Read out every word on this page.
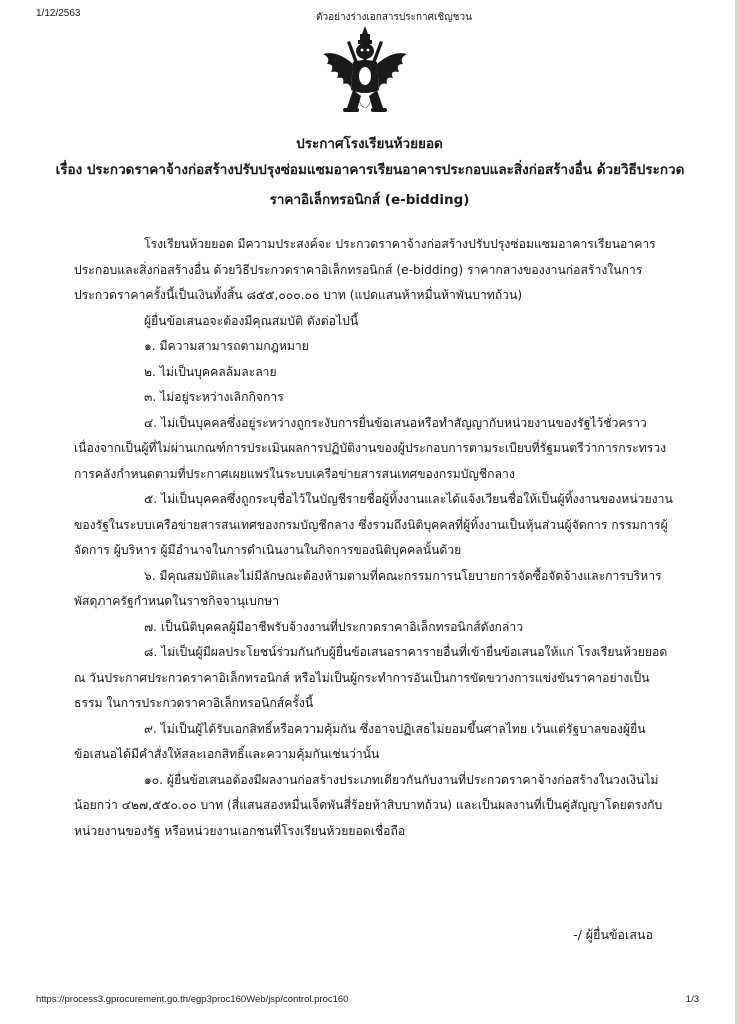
1/12/2563	ตัวอย่างร่างเอกสารประกาศเชิญชวน
ประกาศโรงเรียนห้วยยอด
เรื่อง ประกวดราคาจ้างก่อสร้างปรับปรุงซ่อมแซมอาคารเรียนอาคารประกอบและสิ่งก่อสร้างอื่น ด้วยวิธีประกวด
ราคาอิเล็กทรอนิกส์ (e-bidding)

โรงเรียนห้วยยอด มีความประสงค์จะ ประกวดราคาจ้างก่อสร้างปรับปรุงซ่อมแซมอาคารเรียนอาคาร

ประกอบและสิ่งก่อสร้างอื่น ด้วยวิธีประกวดราคาอิเล็กทรอนิกส์ (e-bidding) ราคากลางของงานก่อสร้างในการ

ประกวดราคาครั้งนี้เป็นเงินทั้งสิ้น ๘๕๕,๐๐๐.๐๐ บาท (แปดแสนห้าหมื่นห้าพันบาทถ้วน)

ผู้ยื่นข้อเสนอจะต้องมีคุณสมบัติ ดังต่อไปนี้

๑. มีความสามารถตามกฎหมาย

๒. ไม่เป็นบุคคลล้มละลาย

๓. ไม่อยู่ระหว่างเลิกกิจการ

๔. ไม่เป็นบุคคลซึ่งอยู่ระหว่างถูกระงับการยื่นข้อเสนอหรือทำสัญญากับหน่วยงานของรัฐไว้ชั่วคราว

เนื่องจากเป็นผู้ที่ไม่ผ่านเกณฑ์การประเมินผลการปฏิบัติงานของผู้ประกอบการตามระเบียบที่รัฐมนตรีว่าการกระทรวง

การคลังกำหนดตามที่ประกาศเผยแพร่ในระบบเครือข่ายสารสนเทศของกรมบัญชีกลาง

๕. ไม่เป็นบุคคลซึ่งถูกระบุชื่อไว้ในบัญชีรายชื่อผู้ทิ้งงานและได้แจ้งเวียนชื่อให้เป็นผู้ทิ้งงานของหน่วยงาน

ของรัฐในระบบเครือข่ายสารสนเทศของกรมบัญชีกลาง ซึ่งรวมถึงนิติบุคคลที่ผู้ทิ้งงานเป็นหุ้นส่วนผู้จัดการ กรรมการผู้

จัดการ ผู้บริหาร ผู้มีอำนาจในการดำเนินงานในกิจการของนิติบุคคลนั้นด้วย

๖. มีคุณสมบัติและไม่มีลักษณะต้องห้ามตามที่คณะกรรมการนโยบายการจัดซื้อจัดจ้างและการบริหาร

พัสดุภาครัฐกำหนดในราชกิจจานุเบกษา

๗. เป็นนิติบุคคลผู้มีอาชีพรับจ้างงานที่ประกวดราคาอิเล็กทรอนิกส์ดังกล่าว

๘. ไม่เป็นผู้มีผลประโยชน์ร่วมกันกับผู้ยื่นข้อเสนอราคารายอื่นที่เข้ายื่นข้อเสนอให้แก่ โรงเรียนห้วยยอด

ณ วันประกาศประกวดราคาอิเล็กทรอนิกส์ หรือไม่เป็นผู้กระทำการอันเป็นการขัดขวางการแข่งขันราคาอย่างเป็น

ธรรม ในการประกวดราคาอิเล็กทรอนิกส์ครั้งนี้

๙. ไม่เป็นผู้ได้รับเอกสิทธิ์หรือความคุ้มกัน ซึ่งอาจปฏิเสธไม่ยอมขึ้นศาลไทย เว้นแต่รัฐบาลของผู้ยื่น

ข้อเสนอได้มีคำสั่งให้สละเอกสิทธิ์และความคุ้มกันเช่นว่านั้น

๑๐. ผู้ยื่นข้อเสนอต้องมีผลงานก่อสร้างประเภทเดียวกันกับงานที่ประกวดราคาจ้างก่อสร้างในวงเงินไม่

น้อยกว่า ๔๒๗,๕๕๐.๐๐ บาท (สี่แสนสองหมื่นเจ็ดพันสี่ร้อยห้าสิบบาทถ้วน) และเป็นผลงานที่เป็นคู่สัญญาโดยตรงกับ

หน่วยงานของรัฐ หรือหน่วยงานเอกชนที่โรงเรียนห้วยยอดเชื่อถือ

-/ ผู้ยื่นข้อเสนอ
https://process3.gprocurement.go.th/egp3proc160Web/jsp/control.proc160	1/3
